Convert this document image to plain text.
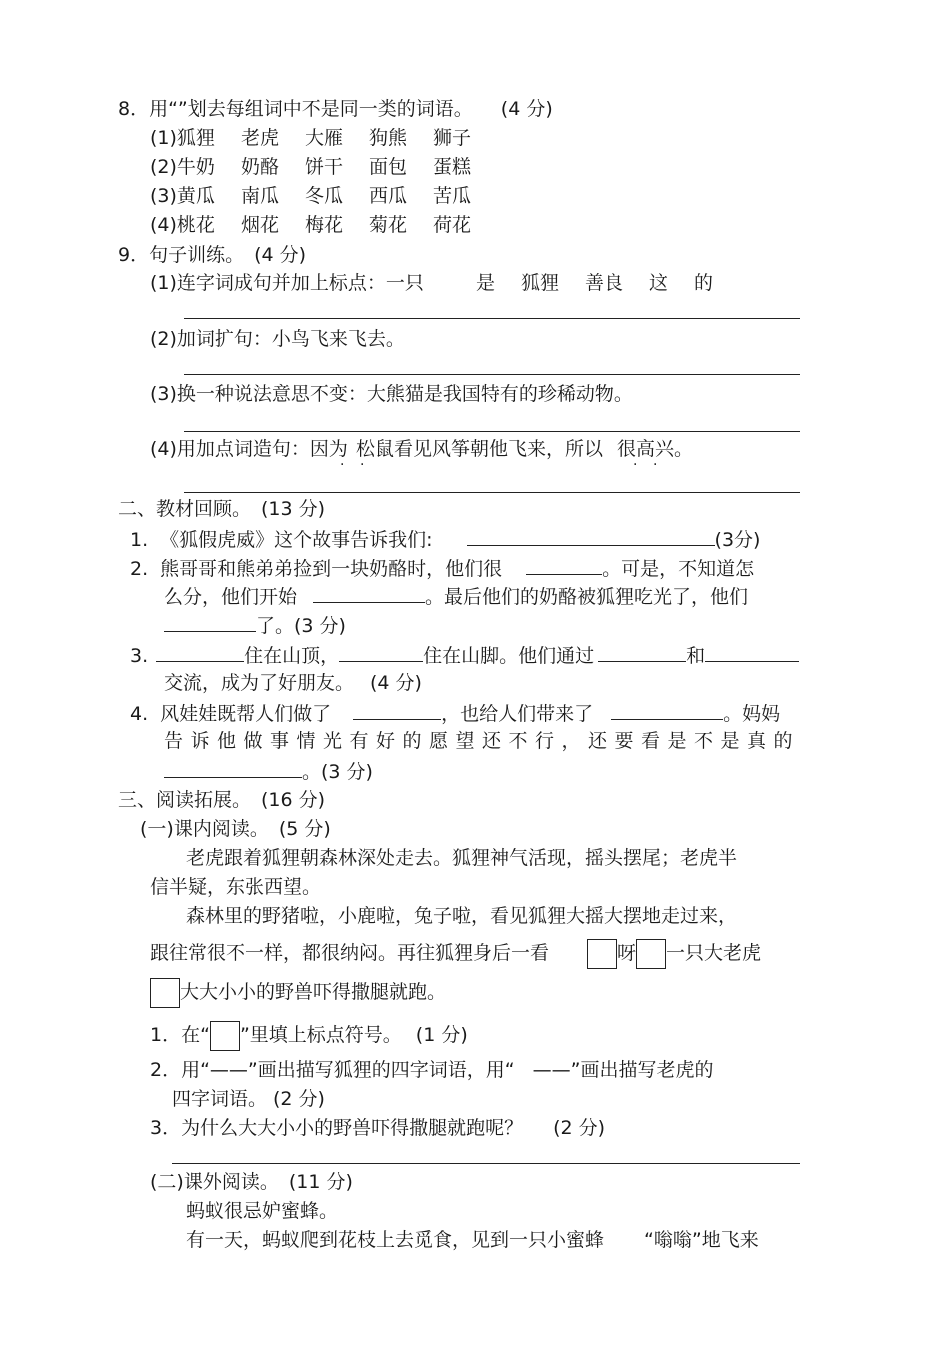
8．用“”划去每组词中不是同一类的词语。 (4 分)
(1)狐狸 老虎 大雁 狗熊 狮子
(2)牛奶 奶酪 饼干 面包 蛋糕
(3)黄瓜 南瓜 冬瓜 西瓜 苦瓜
(4)桃花 烟花 梅花 菊花 荷花
9．句子训练。 (4 分)
(1)连字词成句并加上标点：一只	是 狐狸 善良 这 的
(2)加词扩句：小鸟飞来飞去。
(3)换一种说法意思不变：大熊猫是我国特有的珍稀动物。
(4)用加点词造句：因为 松鼠看见风筝朝他飞来，所以 很高兴。
· ·	· ·
二、教材回顾。 (13 分)
1. 《狐假虎威》这个故事告诉我们:	(3分)
2. 熊哥哥和熊弟弟捡到一块奶酪时，他们很	。可是，不知道怎
么分，他们开始	。最后他们的奶酪被狐狸吃光了，他们
了。(3 分)
3.	住在山顶，	住在山脚。他们通过	和
交流，成为了好朋友。 (4 分)
4. 风娃娃既帮人们做了	，也给人们带来了	。妈妈
告诉他做事情光有好的愿望还不行，还要看是不是真的
。(3 分)
三、阅读拓展。 (16 分)
(一)课内阅读。 (5 分)
老虎跟着狐狸朝森林深处走去。狐狸神气活现，摇头摆尾；老虎半
信半疑，东张西望。
森林里的野猪啦，小鹿啦，兔子啦，看见狐狸大摇大摆地走过来，
跟往常很不一样，都很纳闷。再往狐狸身后一看	呀 一只大老虎
大大小小的野兽吓得撒腿就跑。
1．在“ ”里填上标点符号。 (1 分)
2．用“——”画出描写狐狸的四字词语，用“ ——”画出描写老虎的
四字词语。 (2 分)
3．为什么大大小小的野兽吓得撒腿就跑呢？ (2 分)
(二)课外阅读。 (11 分)
蚂蚁很忌妒蜜蜂。
有一天，蚂蚁爬到花枝上去觅食，见到一只小蜜蜂 “嗡嗡”地飞来
